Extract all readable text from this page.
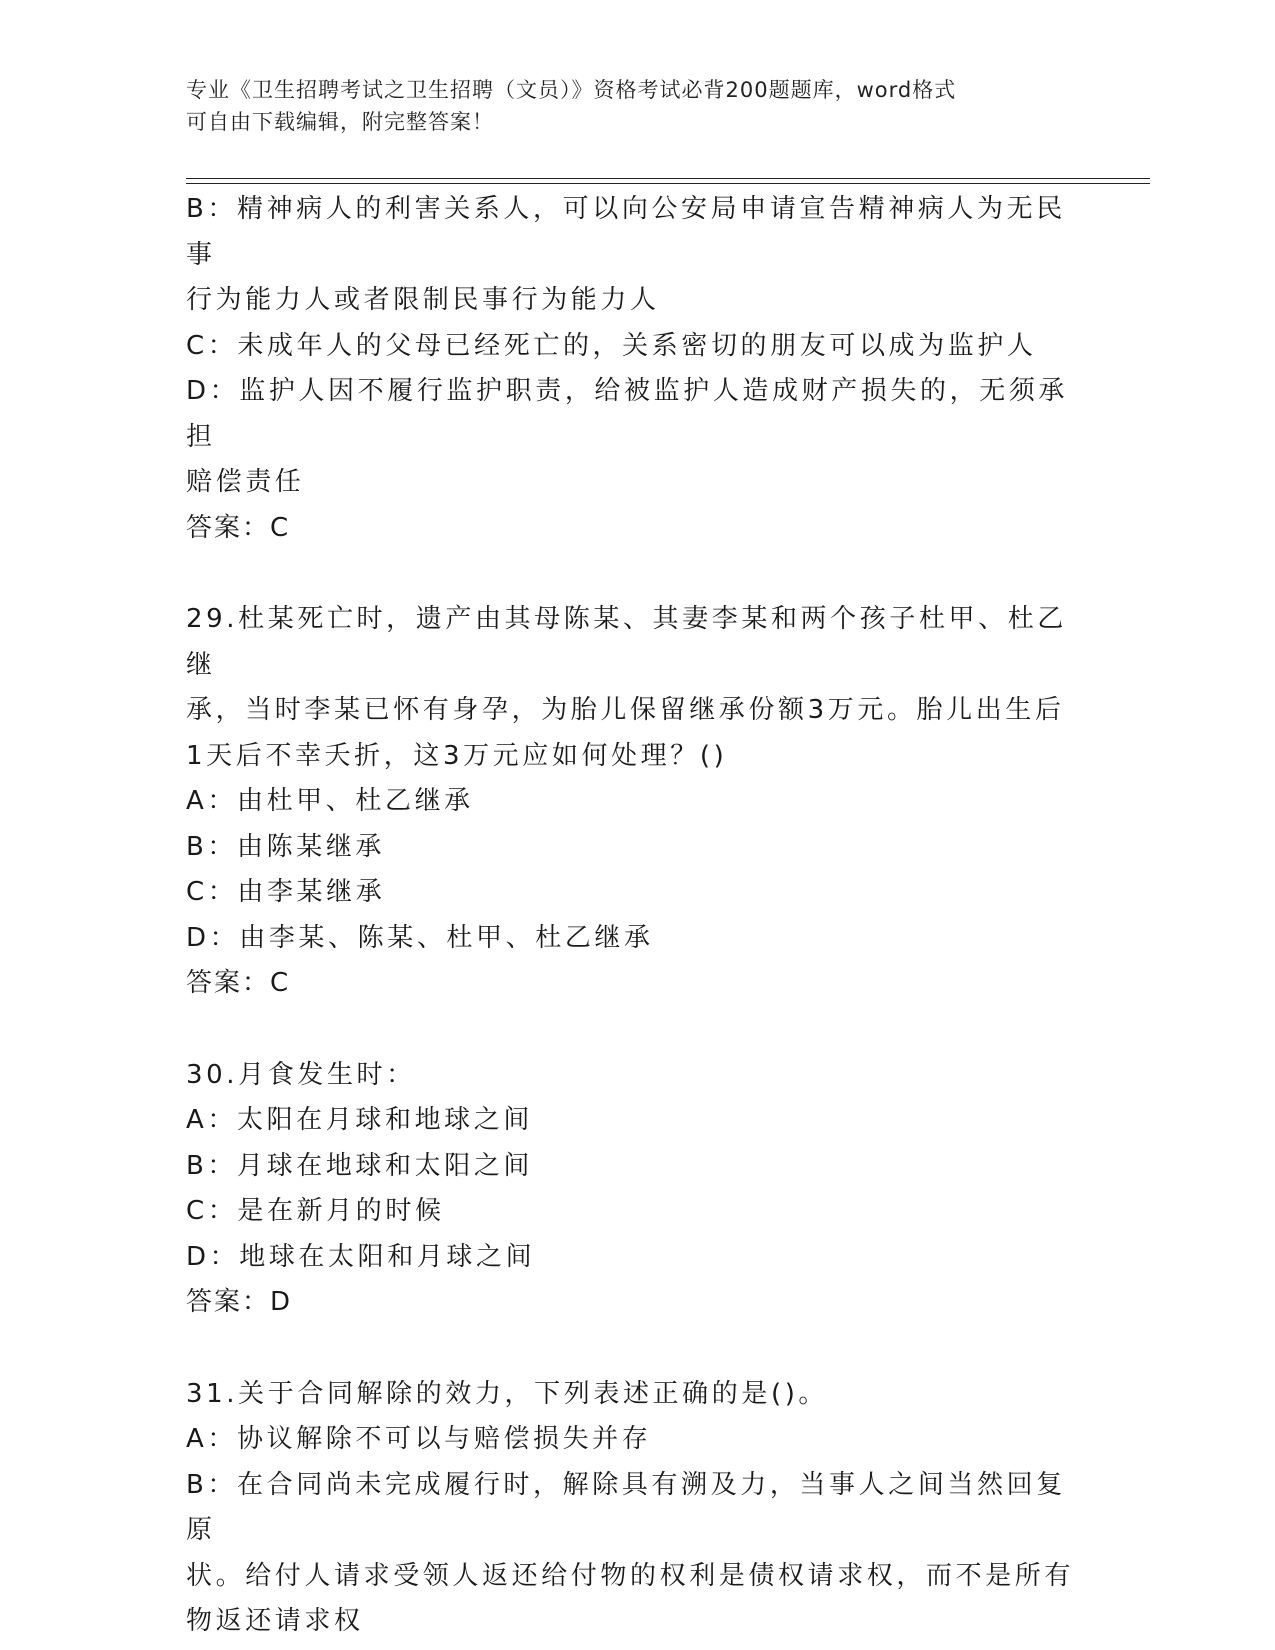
专业《卫生招聘考试之卫生招聘（文员）》资格考试必背200题题库，word格式
可自由下载编辑，附完整答案！

B：精神病人的利害关系人，可以向公安局申请宣告精神病人为无民事

行为能力人或者限制民事行为能力人

C：未成年人的父母已经死亡的，关系密切的朋友可以成为监护人

D：监护人因不履行监护职责，给被监护人造成财产损失的，无须承担

赔偿责任

答案：C

29.杜某死亡时，遗产由其母陈某、其妻李某和两个孩子杜甲、杜乙继

承，当时李某已怀有身孕，为胎儿保留继承份额3万元。胎儿出生后

1天后不幸夭折，这3万元应如何处理？()

A：由杜甲、杜乙继承

B：由陈某继承

C：由李某继承

D：由李某、陈某、杜甲、杜乙继承

答案：C

30.月食发生时：

A：太阳在月球和地球之间

B：月球在地球和太阳之间

C：是在新月的时候

D：地球在太阳和月球之间

答案：D

31.关于合同解除的效力，下列表述正确的是()。

A：协议解除不可以与赔偿损失并存

B：在合同尚未完成履行时，解除具有溯及力，当事人之间当然回复原

状。给付人请求受领人返还给付物的权利是债权请求权，而不是所有

物返还请求权
